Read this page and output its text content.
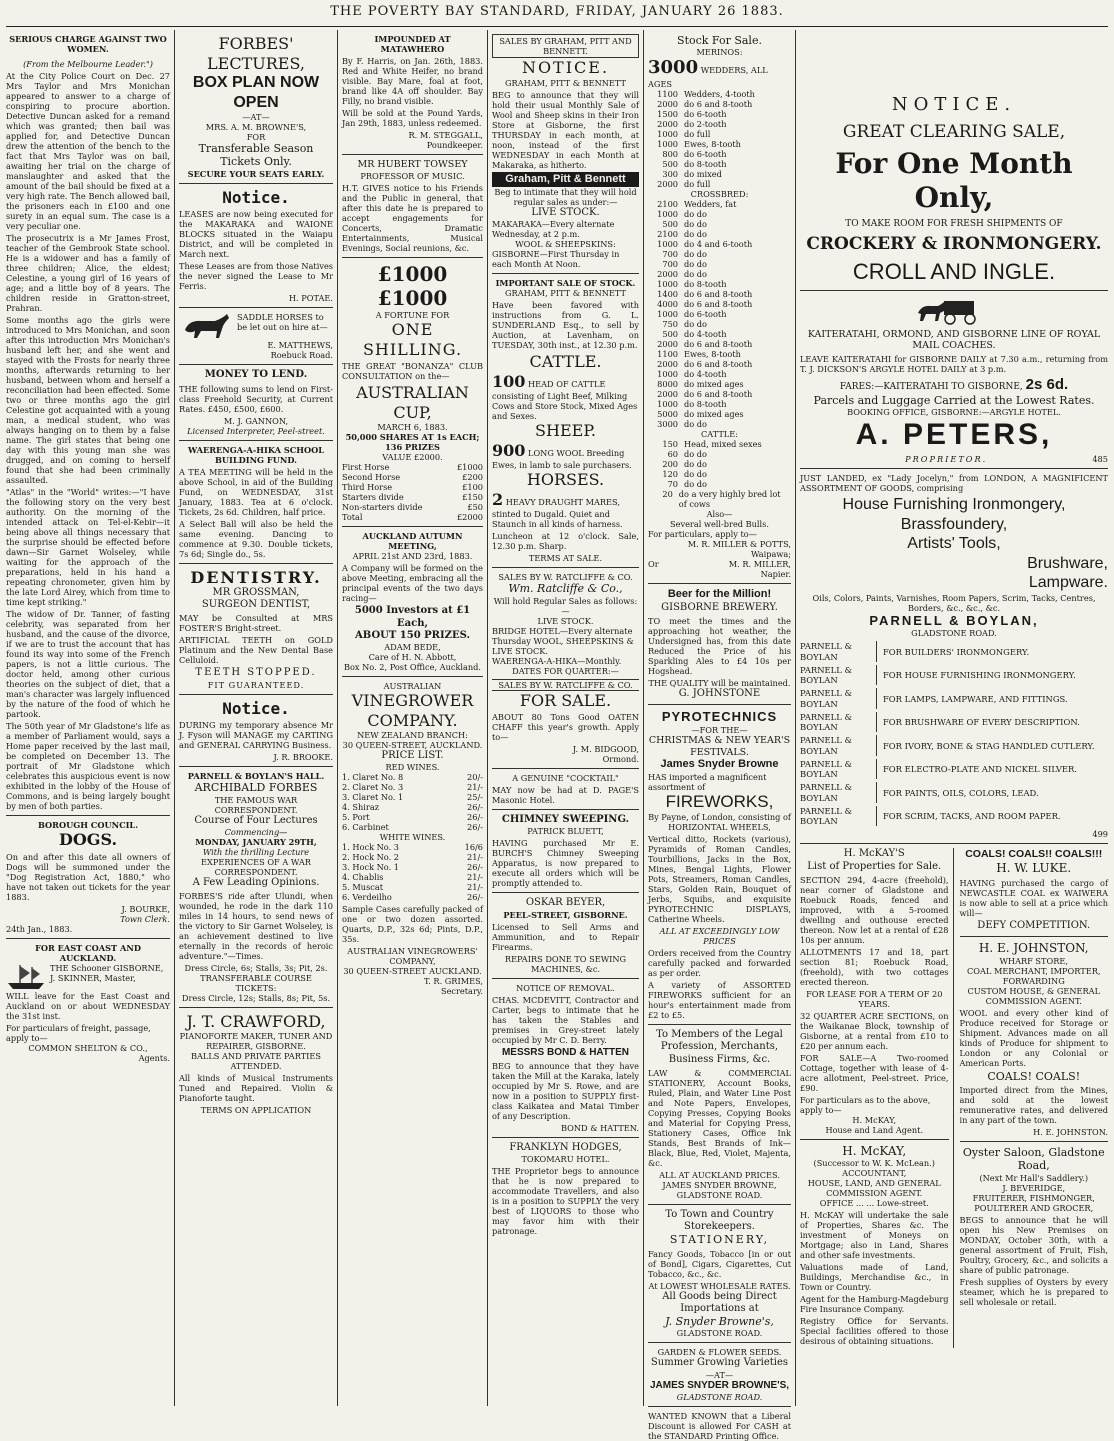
THE POVERTY BAY STANDARD, FRIDAY, JANUARY 26 1883.
SERIOUS CHARGE AGAINST TWO WOMEN.
(From the Melbourne Leader.")

At the City Police Court on Dec. 27 Mrs Taylor and Mrs Monichan appeared to answer to a charge of conspiring to procure abortion. Detective Duncan asked for a remand which was granted; then bail was applied for, and Detective Duncan drew the attention of the bench to the fact that Mrs Taylor was on bail, awaiting her trial on the charge of manslaughter and asked that the amount of the bail should be fixed at a very high rate. The Bench allowed bail, the prisoners each in £100 and one surety in an equal sum. The case is a very peculiar one.

The prosecutrix is a Mr James Frost, teacher of the Gembrook State school. He is a widower and has a family of three children; Alice, the eldest; Celestine, a young girl of 16 years of age; and a little boy of 8 years. The children reside in Gratton-street, Prahran.

Some months ago the girls were introduced to Mrs Monichan, and soon after this introduction Mrs Monichan's husband left her, and she went and stayed with the Frosts for nearly three months, afterwards returning to her husband, between whom and herself a reconciliation had been effected. Some two or three months ago the girl Celestine got acquainted with a young man, a medical student, who was always hanging on to them by a false name. The girl states that being one day with this young man she was drugged, and on coming to herself found that she had been criminally assaulted.

"Atlas" in the "World" writes:—"I have the following story on the very best authority. On the morning of the intended attack on Tel-el-Kebir—it being above all things necessary that the surprise should be effected before dawn—Sir Garnet Wolseley, while waiting for the approach of the preparations, held in his hand a repeating chronometer, given him by the late Lord Airey, which from time to time kept striking."

The widow of Dr. Tanner, of fasting celebrity, was separated from her husband, and the cause of the divorce, if we are to trust the account that has found its way into some of the French papers, is not a little curious. The doctor held, among other curious theories on the subject of diet, that a man's character was largely influenced by the nature of the food of which he partook.

The 50th year of Mr Gladstone's life as a member of Parliament would, says a Home paper received by the last mail, be completed on December 13. The portrait of Mr Gladstone which celebrates this auspicious event is now exhibited in the lobby of the House of Commons, and is being largely bought by men of both parties.

BOROUGH COUNCIL.
DOGS.

On and after this date all owners of Dogs will be summoned under the "Dog Registration Act, 1880," who have not taken out tickets for the year 1883.

J. BOURKE,
Town Clerk.
24th Jan., 1883.
FOR EAST COAST AND AUCKLAND.
THE Schooner GISBORNE,
J. SKINNER, Master,

WILL leave for the East Coast and Auckland on or about WEDNESDAY the 31st inst.

For particulars of freight, passage, apply to—
COMMON SHELTON & CO.,
Agents.
FORBES' LECTURES,
BOX PLAN NOW OPEN
—AT—
MRS. A. M. BROWNE'S,
FOR
Transferable Season Tickets Only.
SECURE YOUR SEATS EARLY.
Notice.

LEASES are now being executed for the MAKARAKA and WAIONE BLOCKS situated in the Waiapu District, and will be completed in March next.

These Leases are from those Natives the never signed the Lease to Mr Ferris.

H. POTAE.
SADDLE HORSES to be let out on hire at—
E. MATTHEWS,
Roebuck Road.
MONEY TO LEND.

THE following sums to lend on First-class Freehold Security, at Current Rates. £450, £500, £600.

M. J. GANNON,
Licensed Interpreter, Peel-street.
WAERENGA-A-HIKA SCHOOL BUILDING FUND.

A TEA MEETING will be held in the above School, in aid of the Building Fund, on WEDNESDAY, 31st January, 1883. Tea at 6 o'clock. Tickets, 2s 6d. Children, half price.

A Select Ball will also be held the same evening. Dancing to commence at 9.30. Double tickets, 7s 6d; Single do., 5s.

DENTISTRY.
MR GROSSMAN,
SURGEON DENTIST,

MAY be Consulted at MRS FOSTER'S Bright-street.

ARTIFICIAL TEETH on GOLD Platinum and the New Dental Base Celluloid.

TEETH STOPPED.
FIT GUARANTEED.
Notice.

DURING my temporary absence Mr J. Fyson will MANAGE my CARTING and GENERAL CARRYING Business.

J. R. BROOKE.
PARNELL & BOYLAN'S HALL.
ARCHIBALD FORBES
THE FAMOUS WAR CORRESPONDENT.
Course of Four Lectures
Commencing—
MONDAY, JANUARY 29TH,
With the thrilling Lecture
EXPERIENCES OF A WAR CORRESPONDENT.
A Few Leading Opinions.

FORBES'S ride after Ulundi, when wounded, he rode in the dark 110 miles in 14 hours, to send news of the victory to Sir Garnet Wolseley, is an achievement destined to live eternally in the records of heroic adventure."—Times.

Dress Circle, 6s; Stalls, 3s; Pit, 2s.
TRANSFERABLE COURSE TICKETS:
Dress Circle, 12s; Stalls, 8s; Pit, 5s.
J. T. CRAWFORD,
PIANOFORTE MAKER, TUNER AND REPAIRER, GISBORNE.
BALLS AND PRIVATE PARTIES ATTENDED.

All kinds of Musical Instruments Tuned and Repaired. Violin & Pianoforte taught.

TERMS ON APPLICATION
IMPOUNDED AT MATAWHERO

By F. Harris, on Jan. 26th, 1883. Red and White Heifer, no brand visible. Bay Mare, foal at foot, brand like 4A off shoulder. Bay Filly, no brand visible.

Will be sold at the Pound Yards, Jan 29th, 1883, unless redeemed.

R. M. STEGGALL,
Poundkeeper.
MR HUBERT TOWSEY
PROFESSOR OF MUSIC.

H.T. GIVES notice to his Friends and the Public in general, that after this date he is prepared to accept engagements for Concerts, Dramatic Entertainments, Musical Evenings, Social reunions, &c.

£1000 £1000
A FORTUNE FOR
ONE SHILLING.

THE GREAT "BONANZA" CLUB CONSULTATION on the—

AUSTRALIAN CUP,
MARCH 6, 1883.
50,000 SHARES AT 1s EACH; 136 PRIZES
VALUE £2000.
First Horse	£1000
Second Horse	£200
Third Horse	£100
Starters divide	£150
Non-starters divide	£50
Total	£2000
AUCKLAND AUTUMN MEETING,
APRIL 21st AND 23rd, 1883.

A Company will be formed on the above Meeting, embracing all the principal events of the two days racing—

5000 Investors at £1 Each,
ABOUT 150 PRIZES.
ADAM BEDE,
Care of H. N. Abbott,
Box No. 2, Post Office, Auckland.
AUSTRALIAN
VINEGROWER COMPANY.
NEW ZEALAND BRANCH:
30 QUEEN-STREET, AUCKLAND.
PRICE LIST.
RED WINES.
1. Claret No. 8	20/-
2. Claret No. 3	21/-
3. Claret No. 1	25/-
4. Shiraz	26/-
5. Port	26/-
6. Carbinet	26/-
WHITE WINES.
1. Hock No. 3	16/6
2. Hock No. 2	21/-
3. Hock No. 1	26/-
4. Chablis	21/-
5. Muscat	21/-
6. Verdeilho	26/-

Sample Cases carefully packed of one or two dozen assorted. Quarts, D.P., 32s 6d; Pints, D.P., 35s.

AUSTRALIAN VINEGROWERS' COMPANY,
30 QUEEN-STREET AUCKLAND.
T. R. GRIMES,
Secretary.
SALES BY GRAHAM, PITT AND BENNETT.
NOTICE.
GRAHAM, PITT & BENNETT

BEG to announce that they will hold their usual Monthly Sale of Wool and Sheep skins in their Iron Store at Gisborne, the first THURSDAY in each month, at noon, instead of the first WEDNESDAY in each Month at Makaraka, as hitherto.

Graham, Pitt & Bennett
Beg to intimate that they will hold regular sales as under:—
LIVE STOCK.
MAKARAKA—Every alternate Wednesday, at 2 p.m.
WOOL & SHEEPSKINS:
GISBORNE—First Thursday in each Month At Noon.
IMPORTANT SALE OF STOCK.
GRAHAM, PITT & BENNETT

Have been favored with instructions from G. L. SUNDERLAND Esq., to sell by Auction, at Lavenham, on TUESDAY, 30th inst., at 12.30 p.m.

CATTLE.
100 HEAD OF CATTLE consisting of Light Beef, Milking Cows and Store Stock, Mixed Ages and Sexes.
SHEEP.
900 LONG WOOL Breeding Ewes, in lamb to sale purchasers.
HORSES.
2 HEAVY DRAUGHT MARES, stinted to Dugald. Quiet and Staunch in all kinds of harness.

Luncheon at 12 o'clock. Sale, 12.30 p.m. Sharp.

TERMS AT SALE.
SALES BY W. RATCLIFFE & CO.
Wm. Ratcliffe & Co.,
Will hold Regular Sales as follows:—
LIVE STOCK.
BRIDGE HOTEL—Every alternate Thursday WOOL, SHEEPSKINS & LIVE STOCK.
WAERENGA-A-HIKA—Monthly.
DATES FOR QUARTER:—
SALES BY W. RATCLIFFE & CO.
FOR SALE.

ABOUT 80 Tons Good OATEN CHAFF this year's growth. Apply to—

J. M. BIDGOOD,
Ormond.
A GENUINE "COCKTAIL"

MAY now be had at D. PAGE'S Masonic Hotel.

CHIMNEY SWEEPING.
PATRICK BLUETT,

HAVING purchased Mr E. BURCH'S Chimney Sweeping Apparatus, is now prepared to execute all orders which will be promptly attended to.

OSKAR BEYER,
PEEL-STREET, GISBORNE.

Licensed to Sell Arms and Ammunition, and to Repair Firearms.

REPAIRS DONE TO SEWING MACHINES, &c.
NOTICE OF REMOVAL.

CHAS. MCDEVITT, Contractor and Carter, begs to intimate that he has taken the Stables and premises in Grey-street lately occupied by Mr C. D. Berry.

MESSRS BOND & HATTEN

BEG to announce that they have taken the Mill at the Karaka, lately occupied by Mr S. Rowe, and are now in a position to SUPPLY first-class Kaikatea and Matai Timber of any Description.

BOND & HATTEN.
FRANKLYN HODGES,
TOKOMARU HOTEL.

THE Proprietor begs to announce that he is now prepared to accommodate Travellers, and also is in a position to SUPPLY the very best of LIQUORS to those who may favor him with their patronage.

Stock For Sale.
MERINOS:
3000 WEDDERS, ALL AGES
1100 Wedders, 4-tooth
2000 do 6 and 8-tooth
1500 do 6-tooth
2000 do 2-tooth
1000 do full
1000 Ewes, 8-tooth
800 do 6-tooth
500 do 8-tooth
300 do mixed
2000 do full
CROSSBRED:
2100 Wedders, fat
1000 do do
500 do do
2100 do do
1000 do 4 and 6-tooth
700 do do
700 do do
2000 do do
1000 do 8-tooth
1400 do 6 and 8-tooth
4000 do 6 and 8-tooth
1000 do 6-tooth
750 do do
500 do 4-tooth
2000 do 6 and 8-tooth
1100 Ewes, 8-tooth
2000 do 6 and 8-tooth
1000 do 4-tooth
8000 do mixed ages
2000 do 6 and 8-tooth
1000 do 8-tooth
5000 do mixed ages
3000 do do
CATTLE:
150 Head, mixed sexes
60 do do
200 do do
120 do do
70 do do
20 do a very highly bred lot of cows
Also—
Several well-bred Bulls.
For particulars, apply to—
M. R. MILLER & POTTS,
Waipawa;
Or	M. R. MILLER,
Napier.
Beer for the Million!
GISBORNE BREWERY.

TO meet the times and the approaching hot weather, the Undersigned has, from this date Reduced the Price of his Sparkling Ales to £4 10s per Hogshead.

THE QUALITY will be maintained.
G. JOHNSTONE
PYROTECHNICS
—FOR THE—
CHRISTMAS & NEW YEAR'S FESTIVALS.
James Snyder Browne
HAS imported a magnificent assortment of
FIREWORKS,
By Payne, of London, consisting of
HORIZONTAL WHEELS,

Vertical ditto, Rockets (various), Pyramids of Roman Candles, Tourbillions, Jacks in the Box, Mines, Bengal Lights, Flower Pots, Streamers, Roman Candles, Stars, Golden Rain, Bouquet of Jerbs, Squibs, and exquisite PYROTECHNIC DISPLAYS, Catherine Wheels.

ALL AT EXCEEDINGLY LOW PRICES

Orders received from the Country carefully packed and forwarded as per order.

A variety of ASSORTED FIREWORKS sufficient for an hour's entertainment made from £2 to £5.

To Members of the Legal Profession, Merchants, Business Firms, &c.

LAW & COMMERCIAL STATIONERY, Account Books, Ruled, Plain, and Water Line Post and Note Papers, Envelopes, Copying Presses, Copying Books and Material for Copying Press, Stationery Cases, Office Ink Stands, Best Brands of Ink—Black, Blue, Red, Violet, Majenta, &c.

ALL AT AUCKLAND PRICES.
JAMES SNYDER BROWNE,
GLADSTONE ROAD.
To Town and Country Storekeepers.
STATIONERY,

Fancy Goods, Tobacco [in or out of Bond], Cigars, Cigarettes, Cut Tobacco, &c., &c.

At LOWEST WHOLESALE RATES.
All Goods being Direct Importations at
J. Snyder Browne's,
GLADSTONE ROAD.
GARDEN & FLOWER SEEDS.
Summer Growing Varieties
—AT—
JAMES SNYDER BROWNE'S,
GLADSTONE ROAD.

WANTED KNOWN that a Liberal Discount is allowed For CASH at the STANDARD Printing Office.

NOTICE.
GREAT CLEARING SALE,
For One Month Only,
TO MAKE ROOM FOR FRESH SHIPMENTS OF
CROCKERY & IRONMONGERY.
CROLL AND INGLE.
KAITERATAHI, ORMOND, AND GISBORNE LINE OF ROYAL MAIL COACHES.

LEAVE KAITERATAHI for GISBORNE DAILY at 7.30 a.m., returning from T. J. DICKSON'S ARGYLE HOTEL DAILY at 3 p.m.

FARES:—KAITERATAHI TO GISBORNE, 2s 6d.
Parcels and Luggage Carried at the Lowest Rates.
BOOKING OFFICE, GISBORNE:—ARGYLE HOTEL.
A. PETERS,
PROPRIETOR.	485

JUST LANDED, ex "Lady Jocelyn," from LONDON, A MAGNIFICENT ASSORTMENT OF GOODS, comprising

House Furnishing Ironmongery,
Brassfoundery,
Artists' Tools,
Brushware,
Lampware.
Oils, Colors, Paints, Varnishes, Room Papers, Scrim, Tacks, Centres, Borders, &c., &c., &c.
PARNELL & BOYLAN,
GLADSTONE ROAD.
PARNELL & BOYLAN
FOR BUILDERS' IRONMONGERY.
PARNELL & BOYLAN
FOR HOUSE FURNISHING IRONMONGERY.
PARNELL & BOYLAN
FOR LAMPS, LAMPWARE, AND FITTINGS.
PARNELL & BOYLAN
FOR BRUSHWARE OF EVERY DESCRIPTION.
PARNELL & BOYLAN
FOR IVORY, BONE & STAG HANDLED CUTLERY.
PARNELL & BOYLAN
FOR ELECTRO-PLATE AND NICKEL SILVER.
PARNELL & BOYLAN
FOR PAINTS, OILS, COLORS, LEAD.
PARNELL & BOYLAN
FOR SCRIM, TACKS, AND ROOM PAPER.
499
H. McKAY'S
List of Properties for Sale.

SECTION 294, 4-acre (freehold), near corner of Gladstone and Roebuck Roads, fenced and improved, with a 5-roomed dwelling and outhouse erected thereon. Now let at a rental of £28 10s per annum.

ALLOTMENTS 17 and 18, part section 81; Roebuck Road, (freehold), with two cottages erected thereon.

FOR LEASE FOR A TERM OF 20 YEARS.

32 QUARTER ACRE SECTIONS, on the Waikanae Block, township of Gisborne, at a rental from £10 to £20 per annum each.

FOR SALE—A Two-roomed Cottage, together with lease of 4-acre allotment, Peel-street. Price, £90.

For particulars as to the above, apply to—
H. McKAY,
House and Land Agent.
H. McKAY,
(Successor to W. K. McLean.)
ACCOUNTANT,
HOUSE, LAND, AND GENERAL COMMISSION AGENT.
OFFICE ... ... Lowe-street.

H. McKAY will undertake the sale of Properties, Shares &c. The investment of Moneys on Mortgage; also in Land, Shares and other safe investments.

Valuations made of Land, Buildings, Merchandise &c., in Town or Country.

Agent for the Hamburg-Magdeburg Fire Insurance Company.

Registry Office for Servants. Special facilities offered to those desirous of obtaining situations.

COALS! COALS!! COALS!!!
H. W. LUKE.

HAVING purchased the cargo of NEWCASTLE COAL ex WAIWERA is now able to sell at a price which will—

DEFY COMPETITION.
H. E. JOHNSTON,
WHARF STORE,
COAL MERCHANT, IMPORTER,
FORWARDING
CUSTOM HOUSE, & GENERAL COMMISSION AGENT.

WOOL and every other kind of Produce received for Storage or Shipment. Advances made on all kinds of Produce for shipment to London or any Colonial or American Ports.

COALS! COALS!

Imported direct from the Mines, and sold at the lowest remunerative rates, and delivered in any part of the town.

H. E. JOHNSTON.
Oyster Saloon, Gladstone Road,
(Next Mr Hall's Saddlery.)
J. BEVERIDGE,
FRUITERER, FISHMONGER, POULTERER AND GROCER,

BEGS to announce that he will open his New Premises on MONDAY, October 30th, with a general assortment of Fruit, Fish, Poultry, Grocery, &c., and solicits a share of public patronage.

Fresh supplies of Oysters by every steamer, which he is prepared to sell wholesale or retail.
